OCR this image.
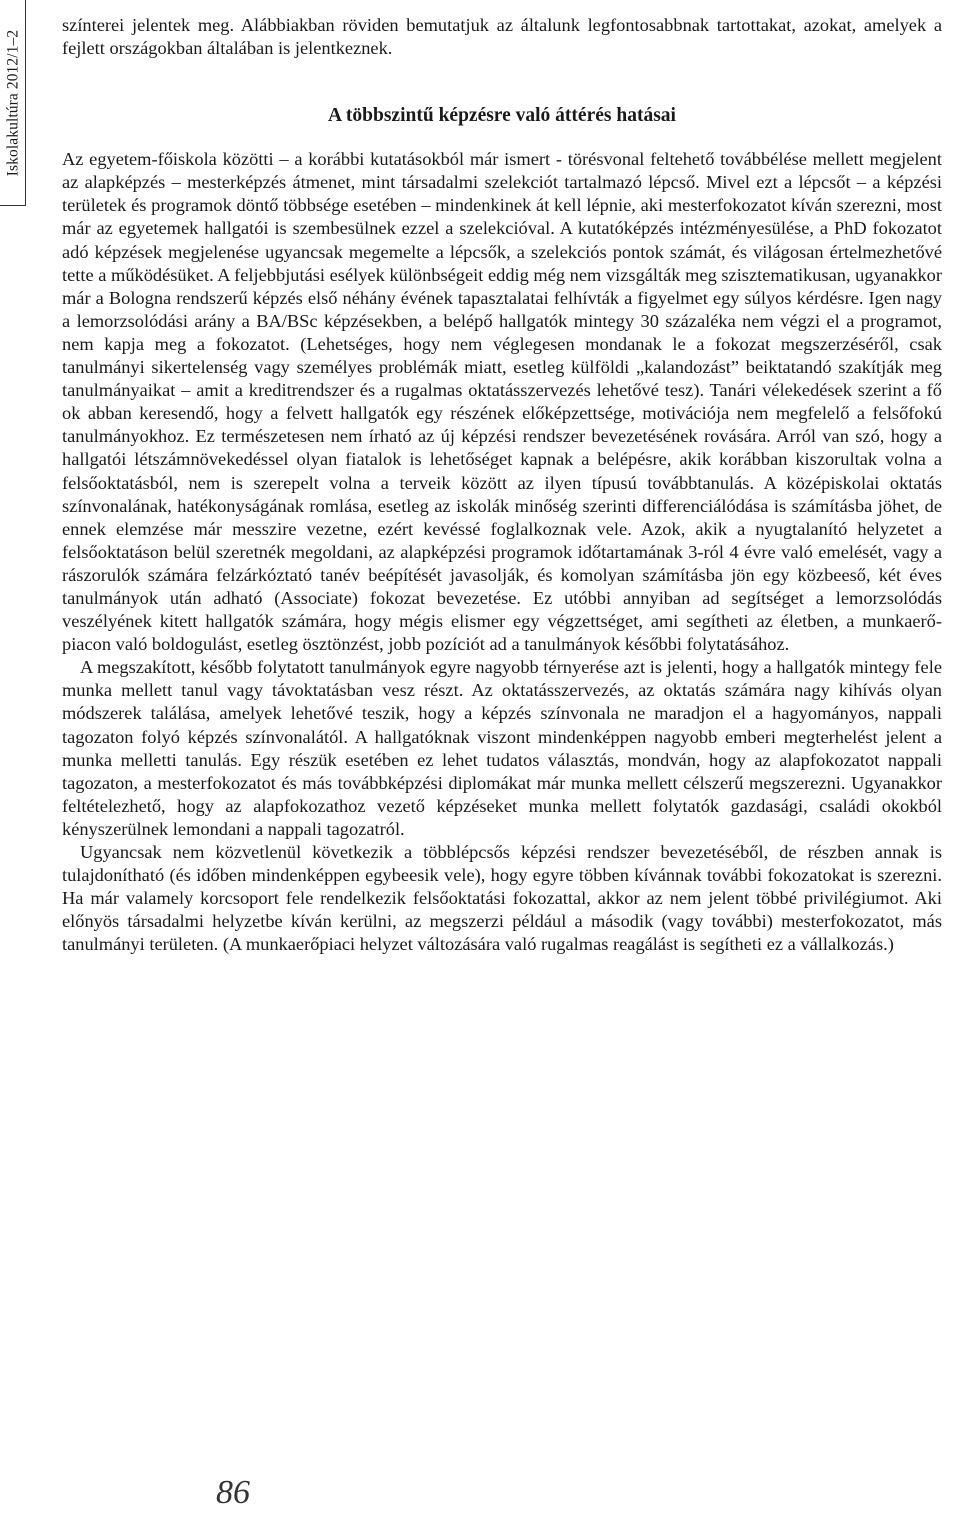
Iskolakultúra 2012/1–2

színterei jelentek meg. Alábbiakban röviden bemutatjuk az általunk legfontosabbnak tartottakat, azokat, amelyek a fejlett országokban általában is jelentkeznek.

A többszintű képzésre való áttérés hatásai

Az egyetem-főiskola közötti – a korábbi kutatásokból már ismert - törésvonal feltehető továbbélése mellett megjelent az alapképzés – mesterképzés átmenet, mint társadalmi szelekciót tartalmazó lépcső. Mivel ezt a lépcsőt – a képzési területek és programok döntő többsége esetében – mindenkinek át kell lépnie, aki mesterfokozatot kíván szerezni, most már az egyetemek hallgatói is szembesülnek ezzel a szelekcióval. A kutatóképzés intézményesülése, a PhD fokozatot adó képzések megjelenése ugyancsak megemelte a lépcsők, a szelekciós pontok számát, és világosan értelmezhetővé tette a működésüket. A feljebbjutási esélyek különbségeit eddig még nem vizsgálták meg szisztematikusan, ugyanakkor már a Bologna rendszerű képzés első néhány évének tapasztalatai felhívták a figyelmet egy súlyos kérdésre. Igen nagy a lemorzsolódási arány a BA/BSc képzésekben, a belépő hallgatók mintegy 30 százaléka nem végzi el a programot, nem kapja meg a fokozatot. (Lehetséges, hogy nem véglegesen mondanak le a fokozat megszerzéséről, csak tanulmányi sikertelenség vagy személyes problémák miatt, esetleg külföldi „kalandozást” beiktatandó szakítják meg tanulmányaikat – amit a kreditrendszer és a rugalmas oktatásszervezés lehetővé tesz). Tanári vélekedések szerint a fő ok abban keresendő, hogy a felvett hallgatók egy részének előképzettsége, motivációja nem megfelelő a felsőfokú tanulmányokhoz. Ez természetesen nem írható az új képzési rendszer bevezetésének rovására. Arról van szó, hogy a hallgatói létszámnövekedéssel olyan fiatalok is lehetőséget kapnak a belépésre, akik korábban kiszorultak volna a felsőoktatásból, nem is szerepelt volna a terveik között az ilyen típusú továbbtanulás. A középiskolai oktatás színvonalának, hatékonyságának romlása, esetleg az iskolák minőség szerinti differenciálódása is számításba jöhet, de ennek elemzése már messzire vezetne, ezért kevéssé foglalkoznak vele. Azok, akik a nyugtalanító helyzetet a felsőoktatáson belül szeretnék megoldani, az alapképzési programok időtartamának 3-ról 4 évre való emelését, vagy a rászorulók számára felzárkóztató tanév beépítését javasolják, és komolyan számításba jön egy közbeeső, két éves tanulmányok után adható (Associate) fokozat bevezetése. Ez utóbbi annyiban ad segítséget a lemorzsolódás veszélyének kitett hallgatók számára, hogy mégis elismer egy végzettséget, ami segítheti az életben, a munkaerő-piacon való boldogulást, esetleg ösztönzést, jobb pozíciót ad a tanulmányok későbbi folytatásához.

A megszakított, később folytatott tanulmányok egyre nagyobb térnyerése azt is jelenti, hogy a hallgatók mintegy fele munka mellett tanul vagy távoktatásban vesz részt. Az oktatásszervezés, az oktatás számára nagy kihívás olyan módszerek találása, amelyek lehetővé teszik, hogy a képzés színvonala ne maradjon el a hagyományos, nappali tagozaton folyó képzés színvonalától. A hallgatóknak viszont mindenképpen nagyobb emberi megterhelést jelent a munka melletti tanulás. Egy részük esetében ez lehet tudatos választás, mondván, hogy az alapfokozatot nappali tagozaton, a mesterfokozatot és más továbbképzési diplomákat már munka mellett célszerű megszerezni. Ugyanakkor feltételezhető, hogy az alapfokozathoz vezető képzéseket munka mellett folytatók gazdasági, családi okokból kényszerülnek lemondani a nappali tagozatról.

Ugyancsak nem közvetlenül következik a többlépcsős képzési rendszer bevezetéséből, de részben annak is tulajdonítható (és időben mindenképpen egybeesik vele), hogy egyre többen kívánnak további fokozatokat is szerezni. Ha már valamely korcsoport fele rendelkezik felsőoktatási fokozattal, akkor az nem jelent többé privilégiumot. Aki előnyös társadalmi helyzetbe kíván kerülni, az megszerzi például a második (vagy további) mesterfokozatot, más tanulmányi területen. (A munkaerőpiaci helyzet változására való rugalmas reagálást is segítheti ez a vállalkozás.)

86
